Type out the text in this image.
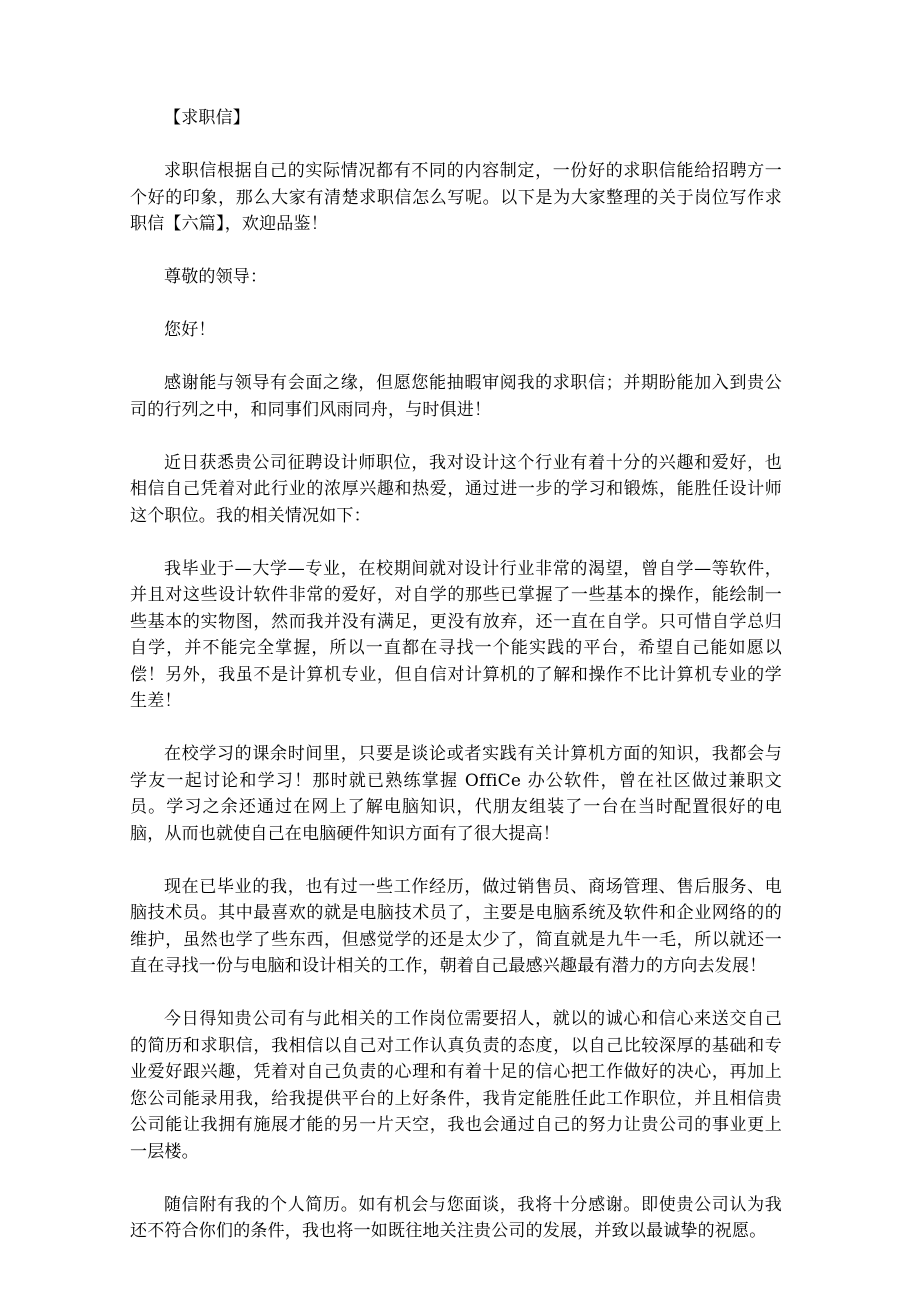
【求职信】

求职信根据自己的实际情况都有不同的内容制定，一份好的求职信能给招聘方一个好的印象，那么大家有清楚求职信怎么写呢。以下是为大家整理的关于岗位写作求职信【六篇】，欢迎品鉴！

尊敬的领导：

您好！

感谢能与领导有会面之缘，但愿您能抽暇审阅我的求职信；并期盼能加入到贵公司的行列之中，和同事们风雨同舟，与时俱进！

近日获悉贵公司征聘设计师职位，我对设计这个行业有着十分的兴趣和爱好，也相信自己凭着对此行业的浓厚兴趣和热爱，通过进一步的学习和锻炼，能胜任设计师这个职位。我的相关情况如下：

我毕业于—大学—专业，在校期间就对设计行业非常的渴望，曾自学—等软件，并且对这些设计软件非常的爱好，对自学的那些已掌握了一些基本的操作，能绘制一些基本的实物图，然而我并没有满足，更没有放弃，还一直在自学。只可惜自学总归自学，并不能完全掌握，所以一直都在寻找一个能实践的平台，希望自己能如愿以偿！另外，我虽不是计算机专业，但自信对计算机的了解和操作不比计算机专业的学生差！

在校学习的课余时间里，只要是谈论或者实践有关计算机方面的知识，我都会与学友一起讨论和学习！那时就已熟练掌握 OffiCe 办公软件，曾在社区做过兼职文员。学习之余还通过在网上了解电脑知识，代朋友组装了一台在当时配置很好的电脑，从而也就使自己在电脑硬件知识方面有了很大提高！

现在已毕业的我，也有过一些工作经历，做过销售员、商场管理、售后服务、电脑技术员。其中最喜欢的就是电脑技术员了，主要是电脑系统及软件和企业网络的的维护，虽然也学了些东西，但感觉学的还是太少了，简直就是九牛一毛，所以就还一直在寻找一份与电脑和设计相关的工作，朝着自己最感兴趣最有潜力的方向去发展！

今日得知贵公司有与此相关的工作岗位需要招人，就以的诚心和信心来送交自己的简历和求职信，我相信以自己对工作认真负责的态度，以自己比较深厚的基础和专业爱好跟兴趣，凭着对自己负责的心理和有着十足的信心把工作做好的决心，再加上您公司能录用我，给我提供平台的上好条件，我肯定能胜任此工作职位，并且相信贵公司能让我拥有施展才能的另一片天空，我也会通过自己的努力让贵公司的事业更上一层楼。

随信附有我的个人简历。如有机会与您面谈，我将十分感谢。即使贵公司认为我还不符合你们的条件，我也将一如既往地关注贵公司的发展，并致以最诚挚的祝愿。
